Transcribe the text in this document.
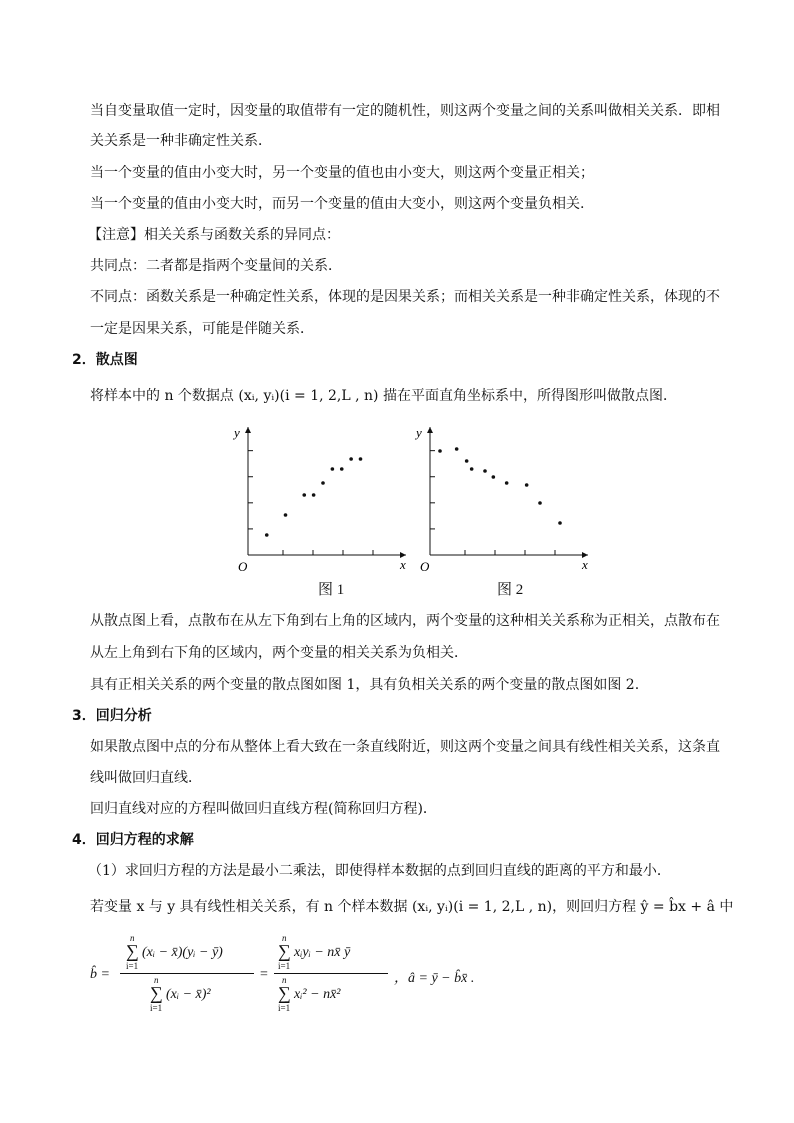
当自变量取值一定时，因变量的取值带有一定的随机性，则这两个变量之间的关系叫做相关关系．即相
关关系是一种非确定性关系．
当一个变量的值由小变大时，另一个变量的值也由小变大，则这两个变量正相关；
当一个变量的值由小变大时，而另一个变量的值由大变小，则这两个变量负相关.
【注意】相关关系与函数关系的异同点：
共同点：二者都是指两个变量间的关系．
不同点：函数关系是一种确定性关系，体现的是因果关系；而相关关系是一种非确定性关系，体现的不
一定是因果关系，可能是伴随关系．
2．散点图
将样本中的 n 个数据点 (xᵢ, yᵢ)(i = 1, 2,L , n) 描在平面直角坐标系中，所得图形叫做散点图．
x
y
O	x
y
O
图 1	图 2
从散点图上看，点散布在从左下角到右上角的区域内，两个变量的这种相关关系称为正相关，点散布在
从左上角到右下角的区域内，两个变量的相关关系为负相关．
具有正相关关系的两个变量的散点图如图 1，具有负相关关系的两个变量的散点图如图 2.
3．回归分析
如果散点图中点的分布从整体上看大致在一条直线附近，则这两个变量之间具有线性相关关系，这条直
线叫做回归直线．
回归直线对应的方程叫做回归直线方程(简称回归方程)．
4．回归方程的求解
（1）求回归方程的方法是最小二乘法，即使得样本数据的点到回归直线的距离的平方和最小．
若变量 x 与 y 具有线性相关关系，有 n 个样本数据 (xᵢ, yᵢ)(i = 1, 2,L , n)，则回归方程 ŷ = b̂x + â 中
b̂ =
∑
n
i=1
(xᵢ − x̄)(yᵢ − ȳ)
∑
n
i=1
(xᵢ − x̄)²
=
∑
n
i=1
xᵢyᵢ − nx̄ ȳ
∑
n
i=1
xᵢ² − nx̄²
，â = ȳ − b̂x̄ .
